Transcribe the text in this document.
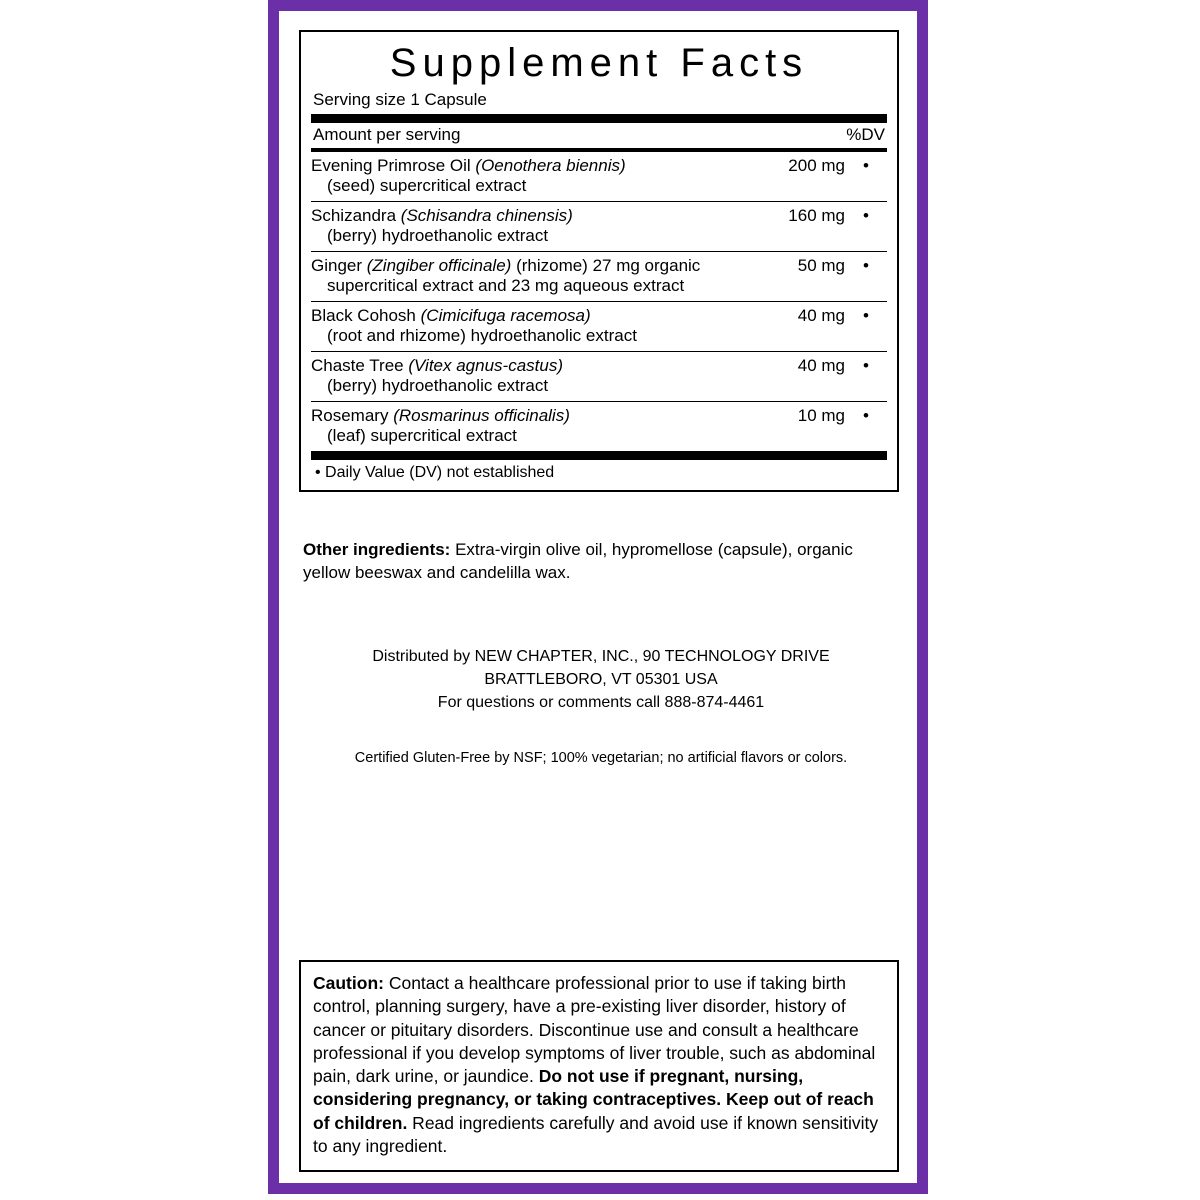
Supplement Facts
Serving size 1 Capsule
Amount per serving	%DV
Evening Primrose Oil (Oenothera biennis)
(seed) supercritical extract	200 mg	•
Schizandra (Schisandra chinensis)
(berry) hydroethanolic extract	160 mg	•
Ginger (Zingiber officinale) (rhizome) 27 mg organic
supercritical extract and 23 mg aqueous extract	50 mg	•
Black Cohosh (Cimicifuga racemosa)
(root and rhizome) hydroethanolic extract	40 mg	•
Chaste Tree (Vitex agnus-castus)
(berry) hydroethanolic extract	40 mg	•
Rosemary (Rosmarinus officinalis)
(leaf) supercritical extract	10 mg	•
• Daily Value (DV) not established
Other ingredients: Extra-virgin olive oil, hypromellose (capsule), organic yellow beeswax and candelilla wax.
Distributed by NEW CHAPTER, INC., 90 TECHNOLOGY DRIVE
BRATTLEBORO, VT 05301 USA
For questions or comments call 888-874-4461
Certified Gluten-Free by NSF; 100% vegetarian; no artificial flavors or colors.
Caution: Contact a healthcare professional prior to use if taking birth control, planning surgery, have a pre-existing liver disorder, history of cancer or pituitary disorders. Discontinue use and consult a healthcare professional if you develop symptoms of liver trouble, such as abdominal pain, dark urine, or jaundice. Do not use if pregnant, nursing, considering pregnancy, or taking contraceptives. Keep out of reach of children. Read ingredients carefully and avoid use if known sensitivity to any ingredient.
